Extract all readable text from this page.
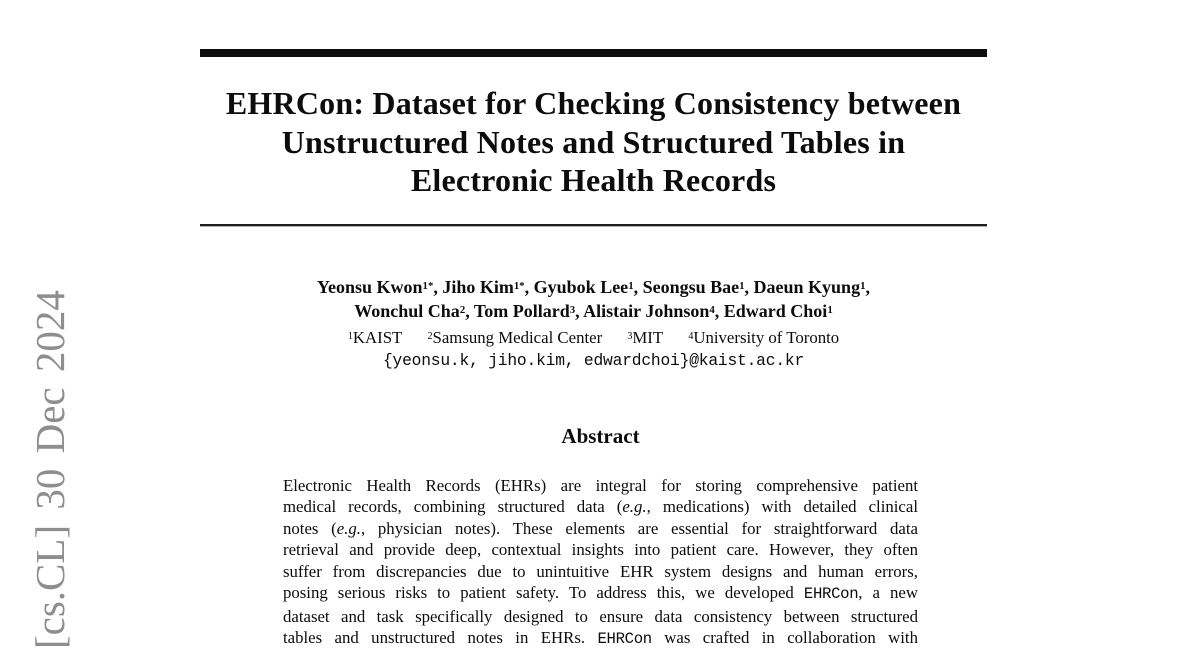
[cs.CL] 30 Dec 2024
EHRCon: Dataset for Checking Consistency between
Unstructured Notes and Structured Tables in
Electronic Health Records
Yeonsu Kwon$^{1*}$, Jiho Kim$^{1*}$, Gyubok Lee$^1$, Seongsu Bae$^1$, Daeun Kyung$^1$,
Wonchul Cha$^2$, Tom Pollard$^3$, Alistair Johnson$^4$, Edward Choi$^1$
$^1$KAIST   $^2$Samsung Medical Center   $^3$MIT   $^4$University of Toronto
{yeonsu.k, jiho.kim, edwardchoi}@kaist.ac.kr
Abstract
Electronic Health Records (EHRs) are integral for storing comprehensive patient
medical records, combining structured data (e.g., medications) with detailed clinical
notes (e.g., physician notes). These elements are essential for straightforward data
retrieval and provide deep, contextual insights into patient care. However, they often
suffer from discrepancies due to unintuitive EHR system designs and human errors,
posing serious risks to patient safety. To address this, we developed EHRCon, a new
dataset and task specifically designed to ensure data consistency between structured
tables and unstructured notes in EHRs. EHRCon was crafted in collaboration with
